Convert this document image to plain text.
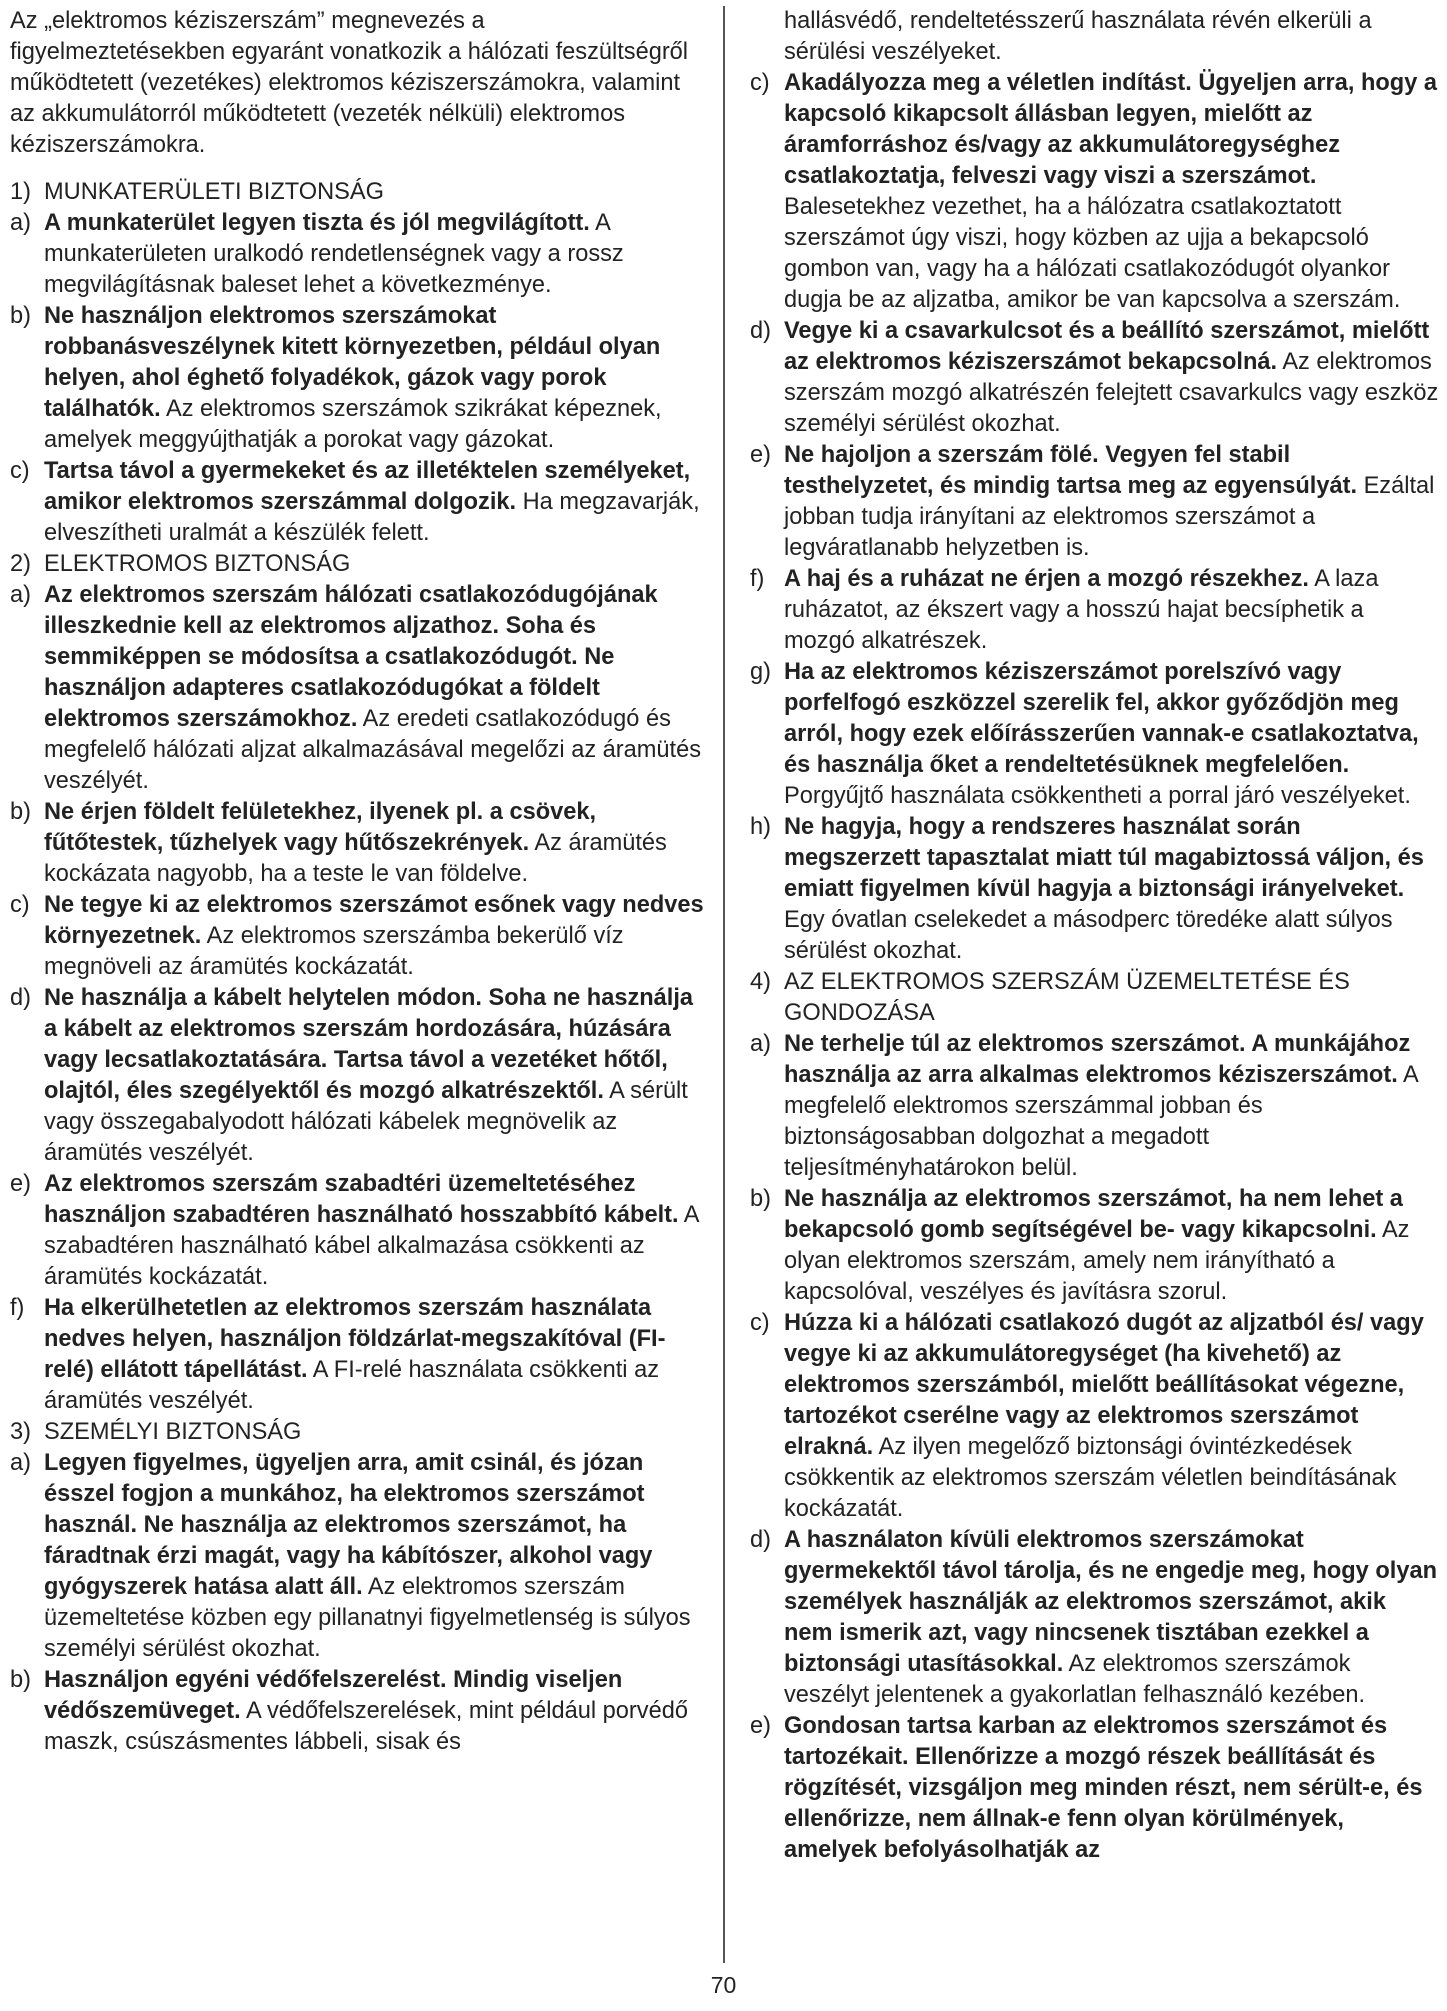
Az „elektromos kéziszerszám” megnevezés a figyelmeztetésekben egyaránt vonatkozik a hálózati feszültségről működtetett (vezetékes) elektromos kéziszerszámokra, valamint az akkumulátorról működtetett (vezeték nélküli) elektromos kéziszerszámokra.

1) MUNKATERÜLETI BIZTONSÁG
a) A munkaterület legyen tiszta és jól megvilágított. A munkaterületen uralkodó rendetlenségnek vagy a rossz megvilágításnak baleset lehet a következménye.
b) Ne használjon elektromos szerszámokat robbanásveszélynek kitett környezetben, például olyan helyen, ahol éghető folyadékok, gázok vagy porok találhatók. Az elektromos szerszámok szikrákat képeznek, amelyek meggyújthatják a porokat vagy gázokat.
c) Tartsa távol a gyermekeket és az illetéktelen személyeket, amikor elektromos szerszámmal dolgozik. Ha megzavarják, elveszítheti uralmát a készülék felett.
2) ELEKTROMOS BIZTONSÁG
a) Az elektromos szerszám hálózati csatlakozódugójának illeszkednie kell az elektromos aljzathoz. Soha és semmiképpen se módosítsa a csatlakozódugót. Ne használjon adapteres csatlakozódugókat a földelt elektromos szerszámokhoz. Az eredeti csatlakozódugó és megfelelő hálózati aljzat alkalmazásával megelőzi az áramütés veszélyét.
b) Ne érjen földelt felületekhez, ilyenek pl. a csövek, fűtőtestek, tűzhelyek vagy hűtőszekrények. Az áramütés kockázata nagyobb, ha a teste le van földelve.
c) Ne tegye ki az elektromos szerszámot esőnek vagy nedves környezetnek. Az elektromos szerszámba bekerülő víz megnöveli az áramütés kockázatát.
d) Ne használja a kábelt helytelen módon. Soha ne használja a kábelt az elektromos szerszám hordozására, húzására vagy lecsatlakoztatására. Tartsa távol a vezetéket hőtől, olajtól, éles szegélyektől és mozgó alkatrészektől. A sérült vagy összegabalyodott hálózati kábelek megnövelik az áramütés veszélyét.
e) Az elektromos szerszám szabadtéri üzemeltetéséhez használjon szabadtéren használható hosszabbító kábelt. A szabadtéren használható kábel alkalmazása csökkenti az áramütés kockázatát.
f) Ha elkerülhetetlen az elektromos szerszám használata nedves helyen, használjon földzárlat-megszakítóval (FI-relé) ellátott tápellátást. A FI-relé használata csökkenti az áramütés veszélyét.
3) SZEMÉLYI BIZTONSÁG
a) Legyen figyelmes, ügyeljen arra, amit csinál, és józan ésszel fogjon a munkához, ha elektromos szerszámot használ. Ne használja az elektromos szerszámot, ha fáradtnak érzi magát, vagy ha kábítószer, alkohol vagy gyógyszerek hatása alatt áll. Az elektromos szerszám üzemeltetése közben egy pillanatnyi figyelmetlenség is súlyos személyi sérülést okozhat.
b) Használjon egyéni védőfelszerelést. Mindig viseljen védőszemüveget. A védőfelszerelések, mint például porvédő maszk, csúszásmentes lábbeli, sisak és

hallásvédő, rendeltetésszerű használata révén elkerüli a sérülési veszélyeket.

c) Akadályozza meg a véletlen indítást. Ügyeljen arra, hogy a kapcsoló kikapcsolt állásban legyen, mielőtt az áramforráshoz és/vagy az akkumulátoregységhez csatlakoztatja, felveszi vagy viszi a szerszámot. Balesetekhez vezethet, ha a hálózatra csatlakoztatott szerszámot úgy viszi, hogy közben az ujja a bekapcsoló gombon van, vagy ha a hálózati csatlakozódugót olyankor dugja be az aljzatba, amikor be van kapcsolva a szerszám.
d) Vegye ki a csavarkulcsot és a beállító szerszámot, mielőtt az elektromos kéziszerszámot bekapcsolná. Az elektromos szerszám mozgó alkatrészén felejtett csavarkulcs vagy eszköz személyi sérülést okozhat.
e) Ne hajoljon a szerszám fölé. Vegyen fel stabil testhelyzetet, és mindig tartsa meg az egyensúlyát. Ezáltal jobban tudja irányítani az elektromos szerszámot a legváratlanabb helyzetben is.
f) A haj és a ruházat ne érjen a mozgó részekhez. A laza ruházatot, az ékszert vagy a hosszú hajat becsíphetik a mozgó alkatrészek.
g) Ha az elektromos kéziszerszámot porelszívó vagy porfelfogó eszközzel szerelik fel, akkor győződjön meg arról, hogy ezek előírásszerűen vannak-e csatlakoztatva, és használja őket a rendeltetésüknek megfelelően. Porgyűjtő használata csökkentheti a porral járó veszélyeket.
h) Ne hagyja, hogy a rendszeres használat során megszerzett tapasztalat miatt túl magabiztossá váljon, és emiatt figyelmen kívül hagyja a biztonsági irányelveket. Egy óvatlan cselekedet a másodperc töredéke alatt súlyos sérülést okozhat.
4) AZ ELEKTROMOS SZERSZÁM ÜZEMELTETÉSE ÉS GONDOZÁSA
a) Ne terhelje túl az elektromos szerszámot. A munkájához használja az arra alkalmas elektromos kéziszerszámot. A megfelelő elektromos szerszámmal jobban és biztonságosabban dolgozhat a megadott teljesítményhatárokon belül.
b) Ne használja az elektromos szerszámot, ha nem lehet a bekapcsoló gomb segítségével be- vagy kikapcsolni. Az olyan elektromos szerszám, amely nem irányítható a kapcsolóval, veszélyes és javításra szorul.
c) Húzza ki a hálózati csatlakozó dugót az aljzatból és/ vagy vegye ki az akkumulátoregységet (ha kivehető) az elektromos szerszámból, mielőtt beállításokat végezne, tartozékot cserélne vagy az elektromos szerszámot elrakná. Az ilyen megelőző biztonsági óvintézkedések csökkentik az elektromos szerszám véletlen beindításának kockázatát.
d) A használaton kívüli elektromos szerszámokat gyermekektől távol tárolja, és ne engedje meg, hogy olyan személyek használják az elektromos szerszámot, akik nem ismerik azt, vagy nincsenek tisztában ezekkel a biztonsági utasításokkal. Az elektromos szerszámok veszélyt jelentenek a gyakorlatlan felhasználó kezében.
e) Gondosan tartsa karban az elektromos szerszámot és tartozékait. Ellenőrizze a mozgó részek beállítását és rögzítését, vizsgáljon meg minden részt, nem sérült-e, és ellenőrizze, nem állnak-e fenn olyan körülmények, amelyek befolyásolhatják az
70
